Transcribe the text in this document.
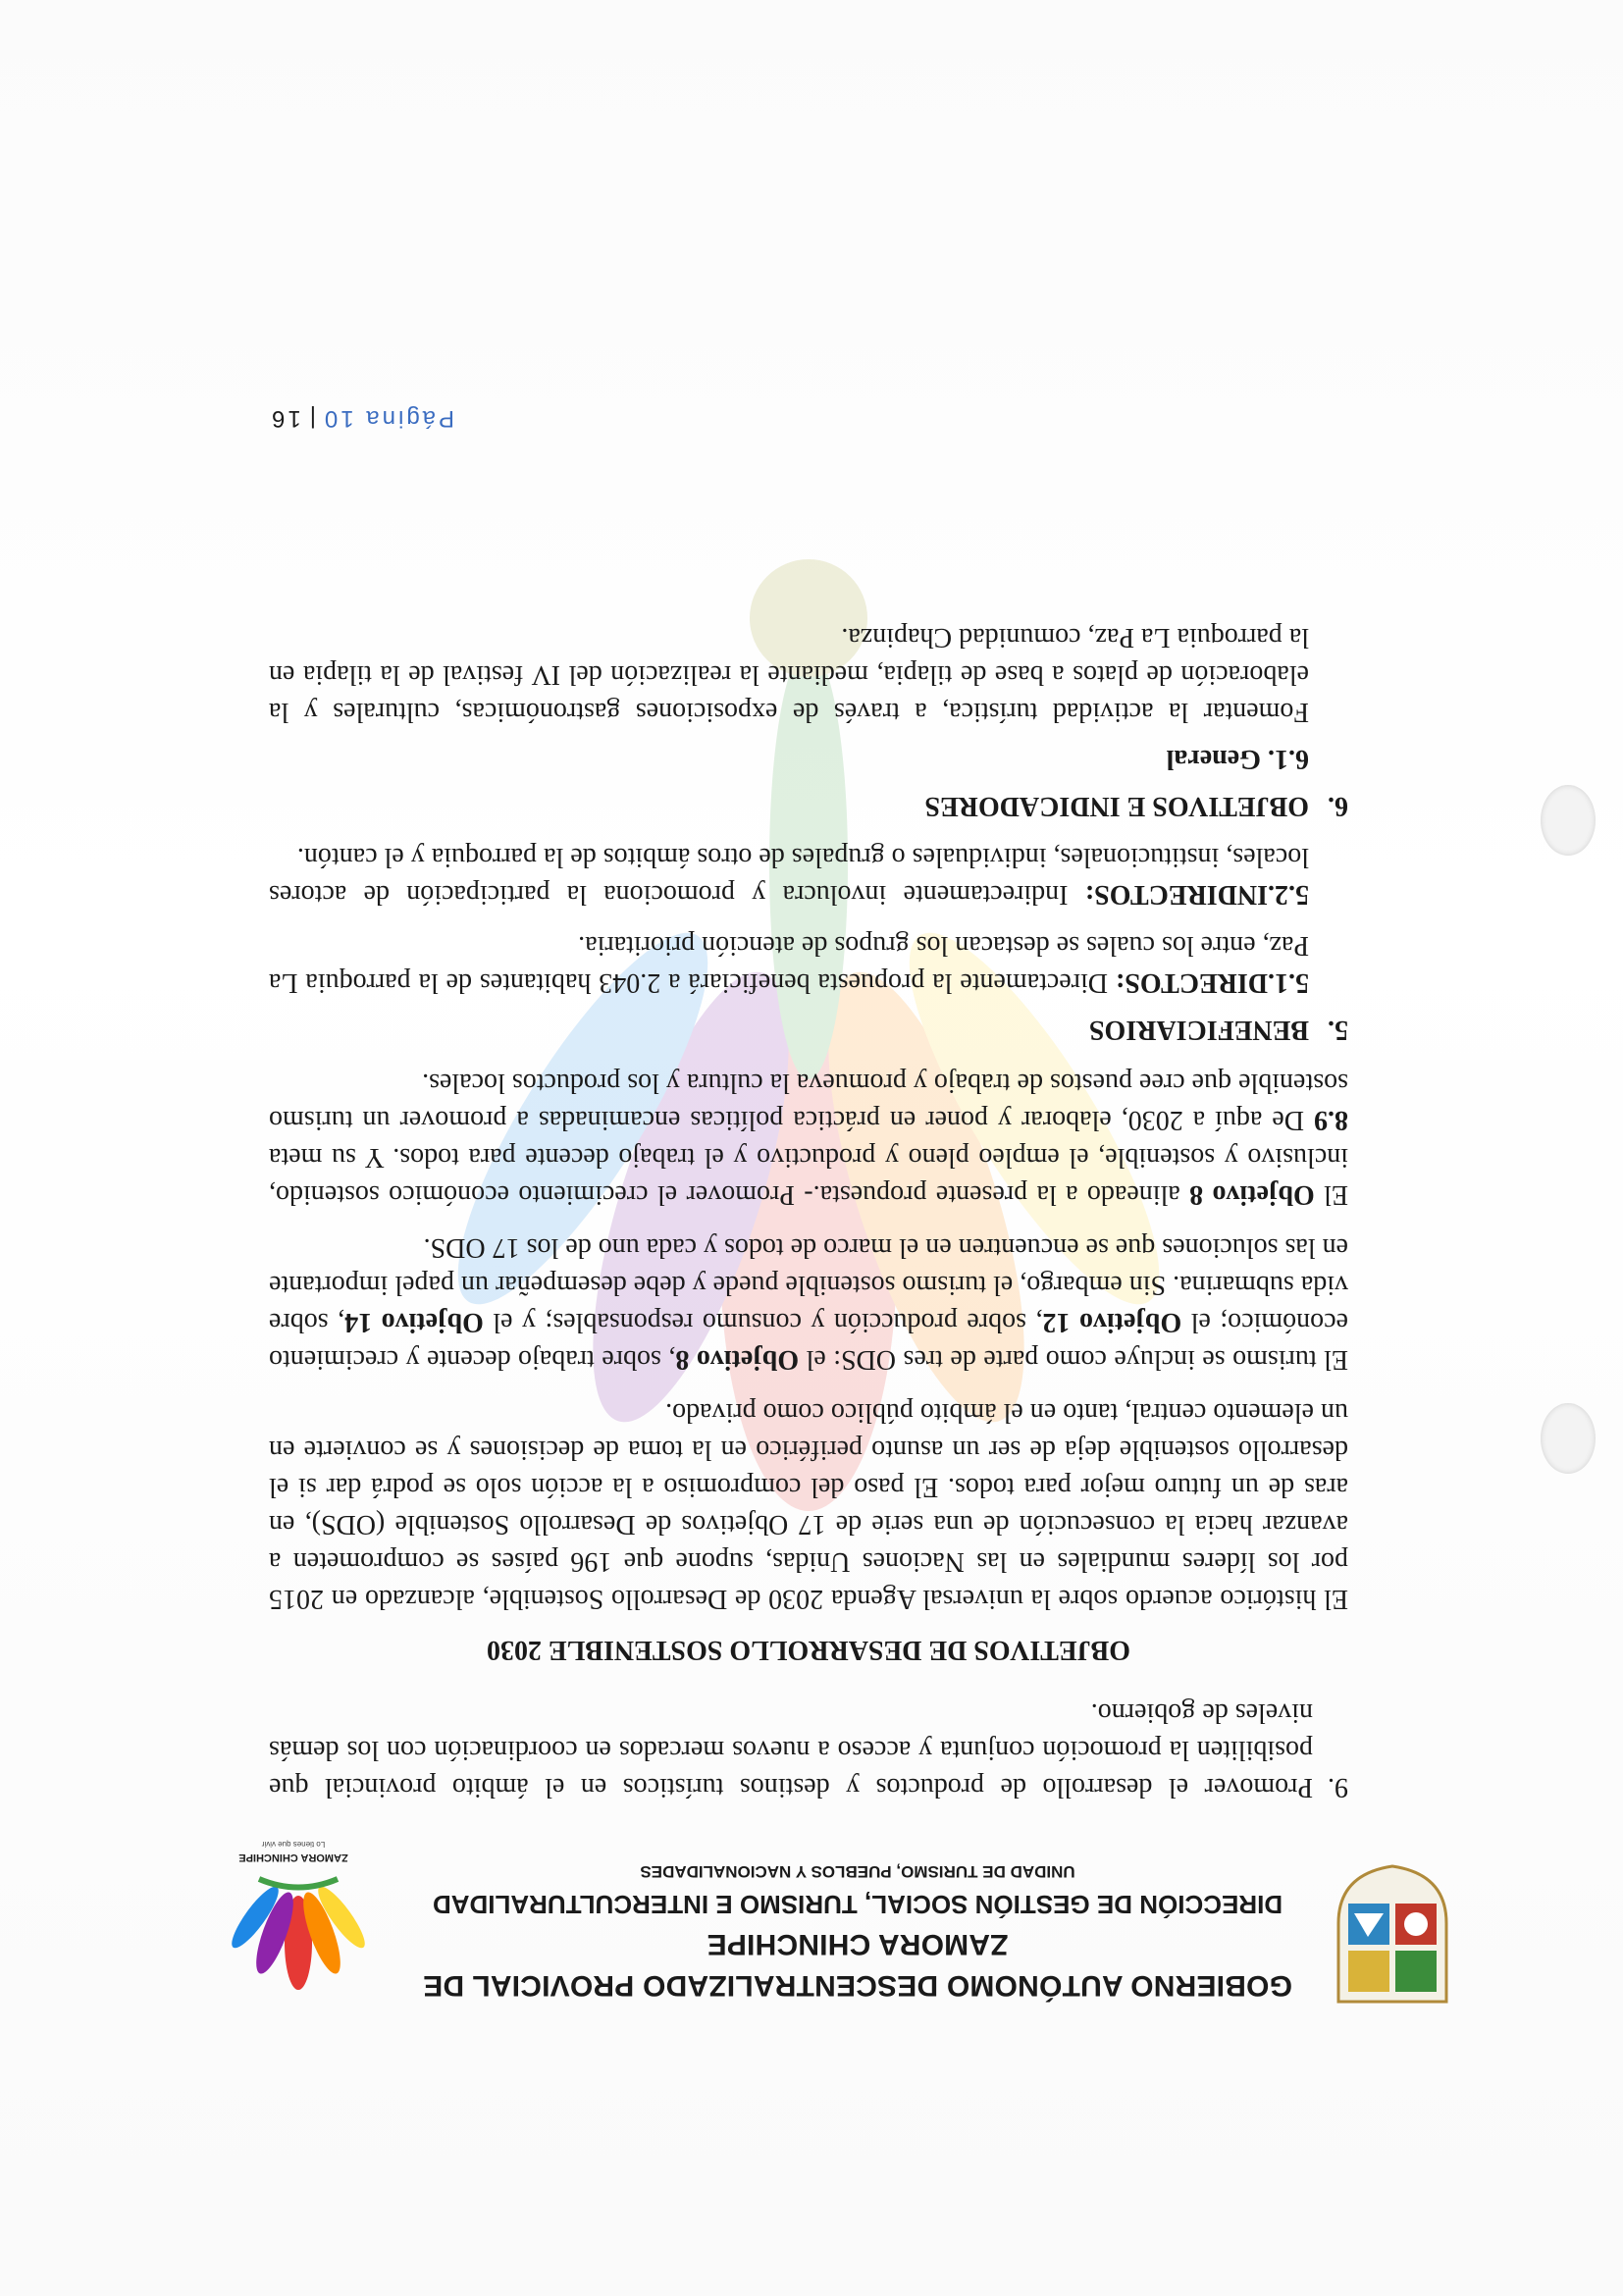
GOBIERNO AUTÓNOMO DESCENTRALIZADO PROVICIAL DE ZAMORA CHINCHIPE
DIRECCIÓN DE GESTIÓN SOCIAL, TURISMO E INTERCULTURALIDAD
UNIDAD DE TURISMO, PUEBLOS Y NACIONALIDADES
ZAMORA CHINCHIPE
Lo tienes que vivir
9.

Promover el desarrollo de productos y destinos turísticos en el ámbito provincial que posibiliten la promoción conjunta y acceso a nuevos mercados en coordinación con los demás niveles de gobierno.

OBJETIVOS DE DESARROLLO SOSTENIBLE 2030

El histórico acuerdo sobre la universal Agenda 2030 de Desarrollo Sostenible, alcanzado en 2015 por los líderes mundiales en las Naciones Unidas, supone que 196 países se comprometen a avanzar hacia la consecución de una serie de 17 Objetivos de Desarrollo Sostenible (ODS), en aras de un futuro mejor para todos. El paso del compromiso a la acción solo se podrá dar si el desarrollo sostenible deja de ser un asunto periférico en la toma de decisiones y se convierte en un elemento central, tanto en el ámbito público como privado.

El turismo se incluye como parte de tres ODS: el Objetivo 8, sobre trabajo decente y crecimiento económico; el Objetivo 12, sobre producción y consumo responsables; y el Objetivo 14, sobre vida submarina. Sin embargo, el turismo sostenible puede y debe desempeñar un papel importante en las soluciones que se encuentren en el marco de todos y cada uno de los 17 ODS.

El Objetivo 8 alineado a la presente propuesta.- Promover el crecimiento económico sostenido, inclusivo y sostenible, el empleo pleno y productivo y el trabajo decente para todos. Y su meta 8.9 De aquí a 2030, elaborar y poner en práctica políticas encaminadas a promover un turismo sostenible que cree puestos de trabajo y promueva la cultura y los productos locales.

5.BENEFICIARIOS

5.1.DIRECTOS: Directamente la propuesta beneficiará a 2.043 habitantes de la parroquia La Paz, entre los cuales se destacan los grupos de atención prioritaria.

5.2.INDIRECTOS: Indirectamente involucra y promociona la participación de actores locales, institucionales, individuales o grupales de otros ámbitos de la parroquia y el cantón.

6.OBJETIVOS E INDICADORES
6.1. General

Fomentar la actividad turística, a través de exposiciones gastronómicas, culturales y la elaboración de platos a base de tilapia, mediante la realización del IV festival de la tilapia en la parroquia La Paz, comunidad Chapinza.

Página 10|16
